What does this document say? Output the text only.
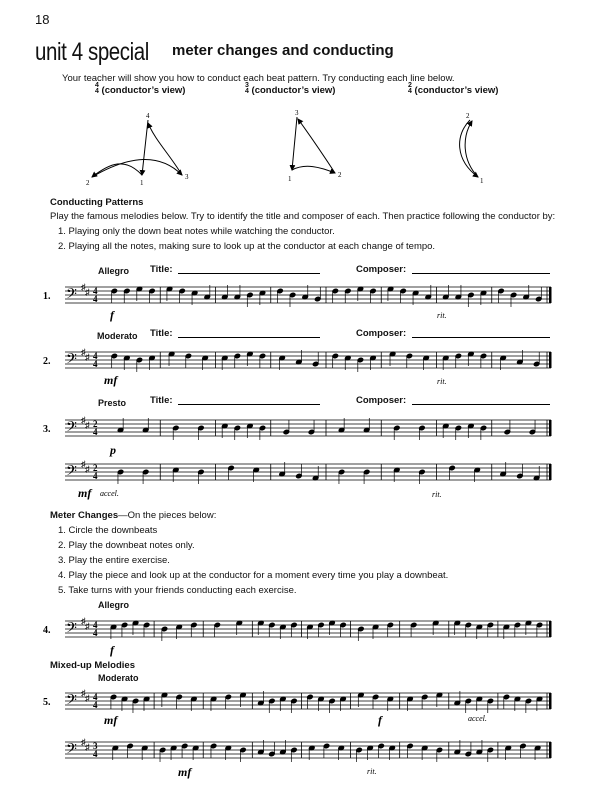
18
unit 4 special meter changes and conducting
Your teacher will show you how to conduct each beat pattern. Try conducting each line below.
4
4 (conductor’s view)	3
4 (conductor’s view)	2
4 (conductor’s view)
4
1
2
3
3
1	2
2
1
Conducting Patterns
Play the famous melodies below. Try to identify the title and composer of each. Then practice following the conductor by:
1. Playing only the down beat notes while watching the conductor.
2. Playing all the notes, making sure to look up at the conductor at each change of tempo.
Allegro Title:	Composer:
Moderato Title:	Composer:
Presto	Title:	Composer:
Meter Changes—On the pieces below:
1. Circle the downbeats
2. Play the downbeat notes only.
3. Play the entire exercise.
4. Play the piece and look up at the conductor for a moment every time you play a downbeat.
5. Take turns with your friends conducting each exercise.
Allegro
Mixed-up Melodies
Moderato
1. 𝄢 ♯ ♯ 4
4
f	rit.
2. 𝄢 ♯ ♯ 4
4
mf	rit.
3. 𝄢 ♯ ♯ 2
4
p
𝄢 ♯ ♯ 2
4
mf accel.	rit.
4. 𝄢 ♯ ♯ 4
4
f
5. 𝄢 ♯ ♯ 4
4
mf	f	accel.
𝄢 ♯ ♯ 3
4
mf	rit.
